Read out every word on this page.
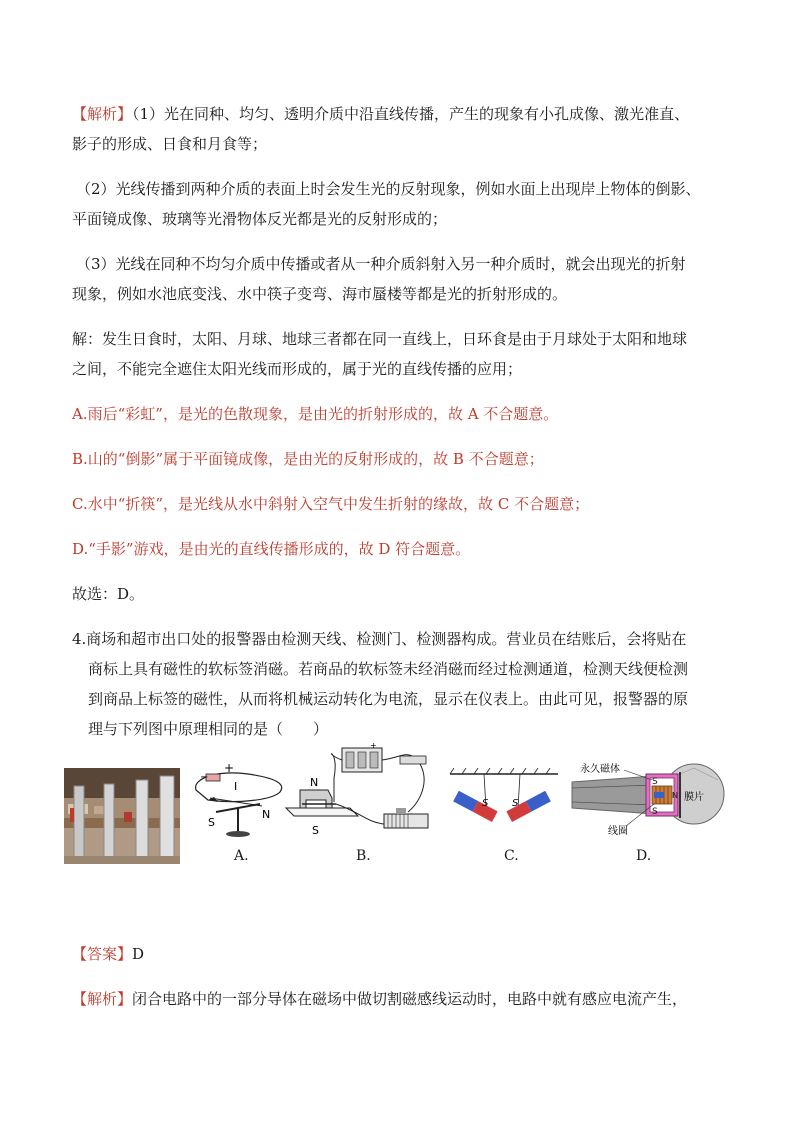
【解析】（1）光在同种、均匀、透明介质中沿直线传播，产生的现象有小孔成像、激光准直、
影子的形成、日食和月食等；
（2）光线传播到两种介质的表面上时会发生光的反射现象，例如水面上出现岸上物体的倒影、
平面镜成像、玻璃等光滑物体反光都是光的反射形成的；
（3）光线在同种不均匀介质中传播或者从一种介质斜射入另一种介质时，就会出现光的折射
现象，例如水池底变浅、水中筷子变弯、海市蜃楼等都是光的折射形成的。
解：发生日食时，太阳、月球、地球三者都在同一直线上，日环食是由于月球处于太阳和地球
之间，不能完全遮住太阳光线而形成的，属于光的直线传播的应用；
A.雨后“彩虹”，是光的色散现象，是由光的折射形成的，故 A 不合题意。
B.山的“倒影”属于平面镜成像，是由光的反射形成的，故 B 不合题意；
C.水中“折筷”，是光线从水中斜射入空气中发生折射的缘故，故 C 不合题意；
D.“手影”游戏，是由光的直线传播形成的，故 D 符合题意。
故选：D。
4.商场和超市出口处的报警器由检测天线、检测门、检测器构成。营业员在结账后，会将贴在
商标上具有磁性的软标签消磁。若商品的软标签未经消磁而经过检测通道，检测天线便检测
到商品上标签的磁性，从而将机械运动转化为电流，显示在仪表上。由此可见，报警器的原
理与下列图中原理相同的是（　　）
−
+
I
S
N
A.
+
N
S
B.
S S
C.
永久磁体
膜片
S
S
N
线圈
D.
【答案】D
【解析】闭合电路中的一部分导体在磁场中做切割磁感线运动时，电路中就有感应电流产生，
